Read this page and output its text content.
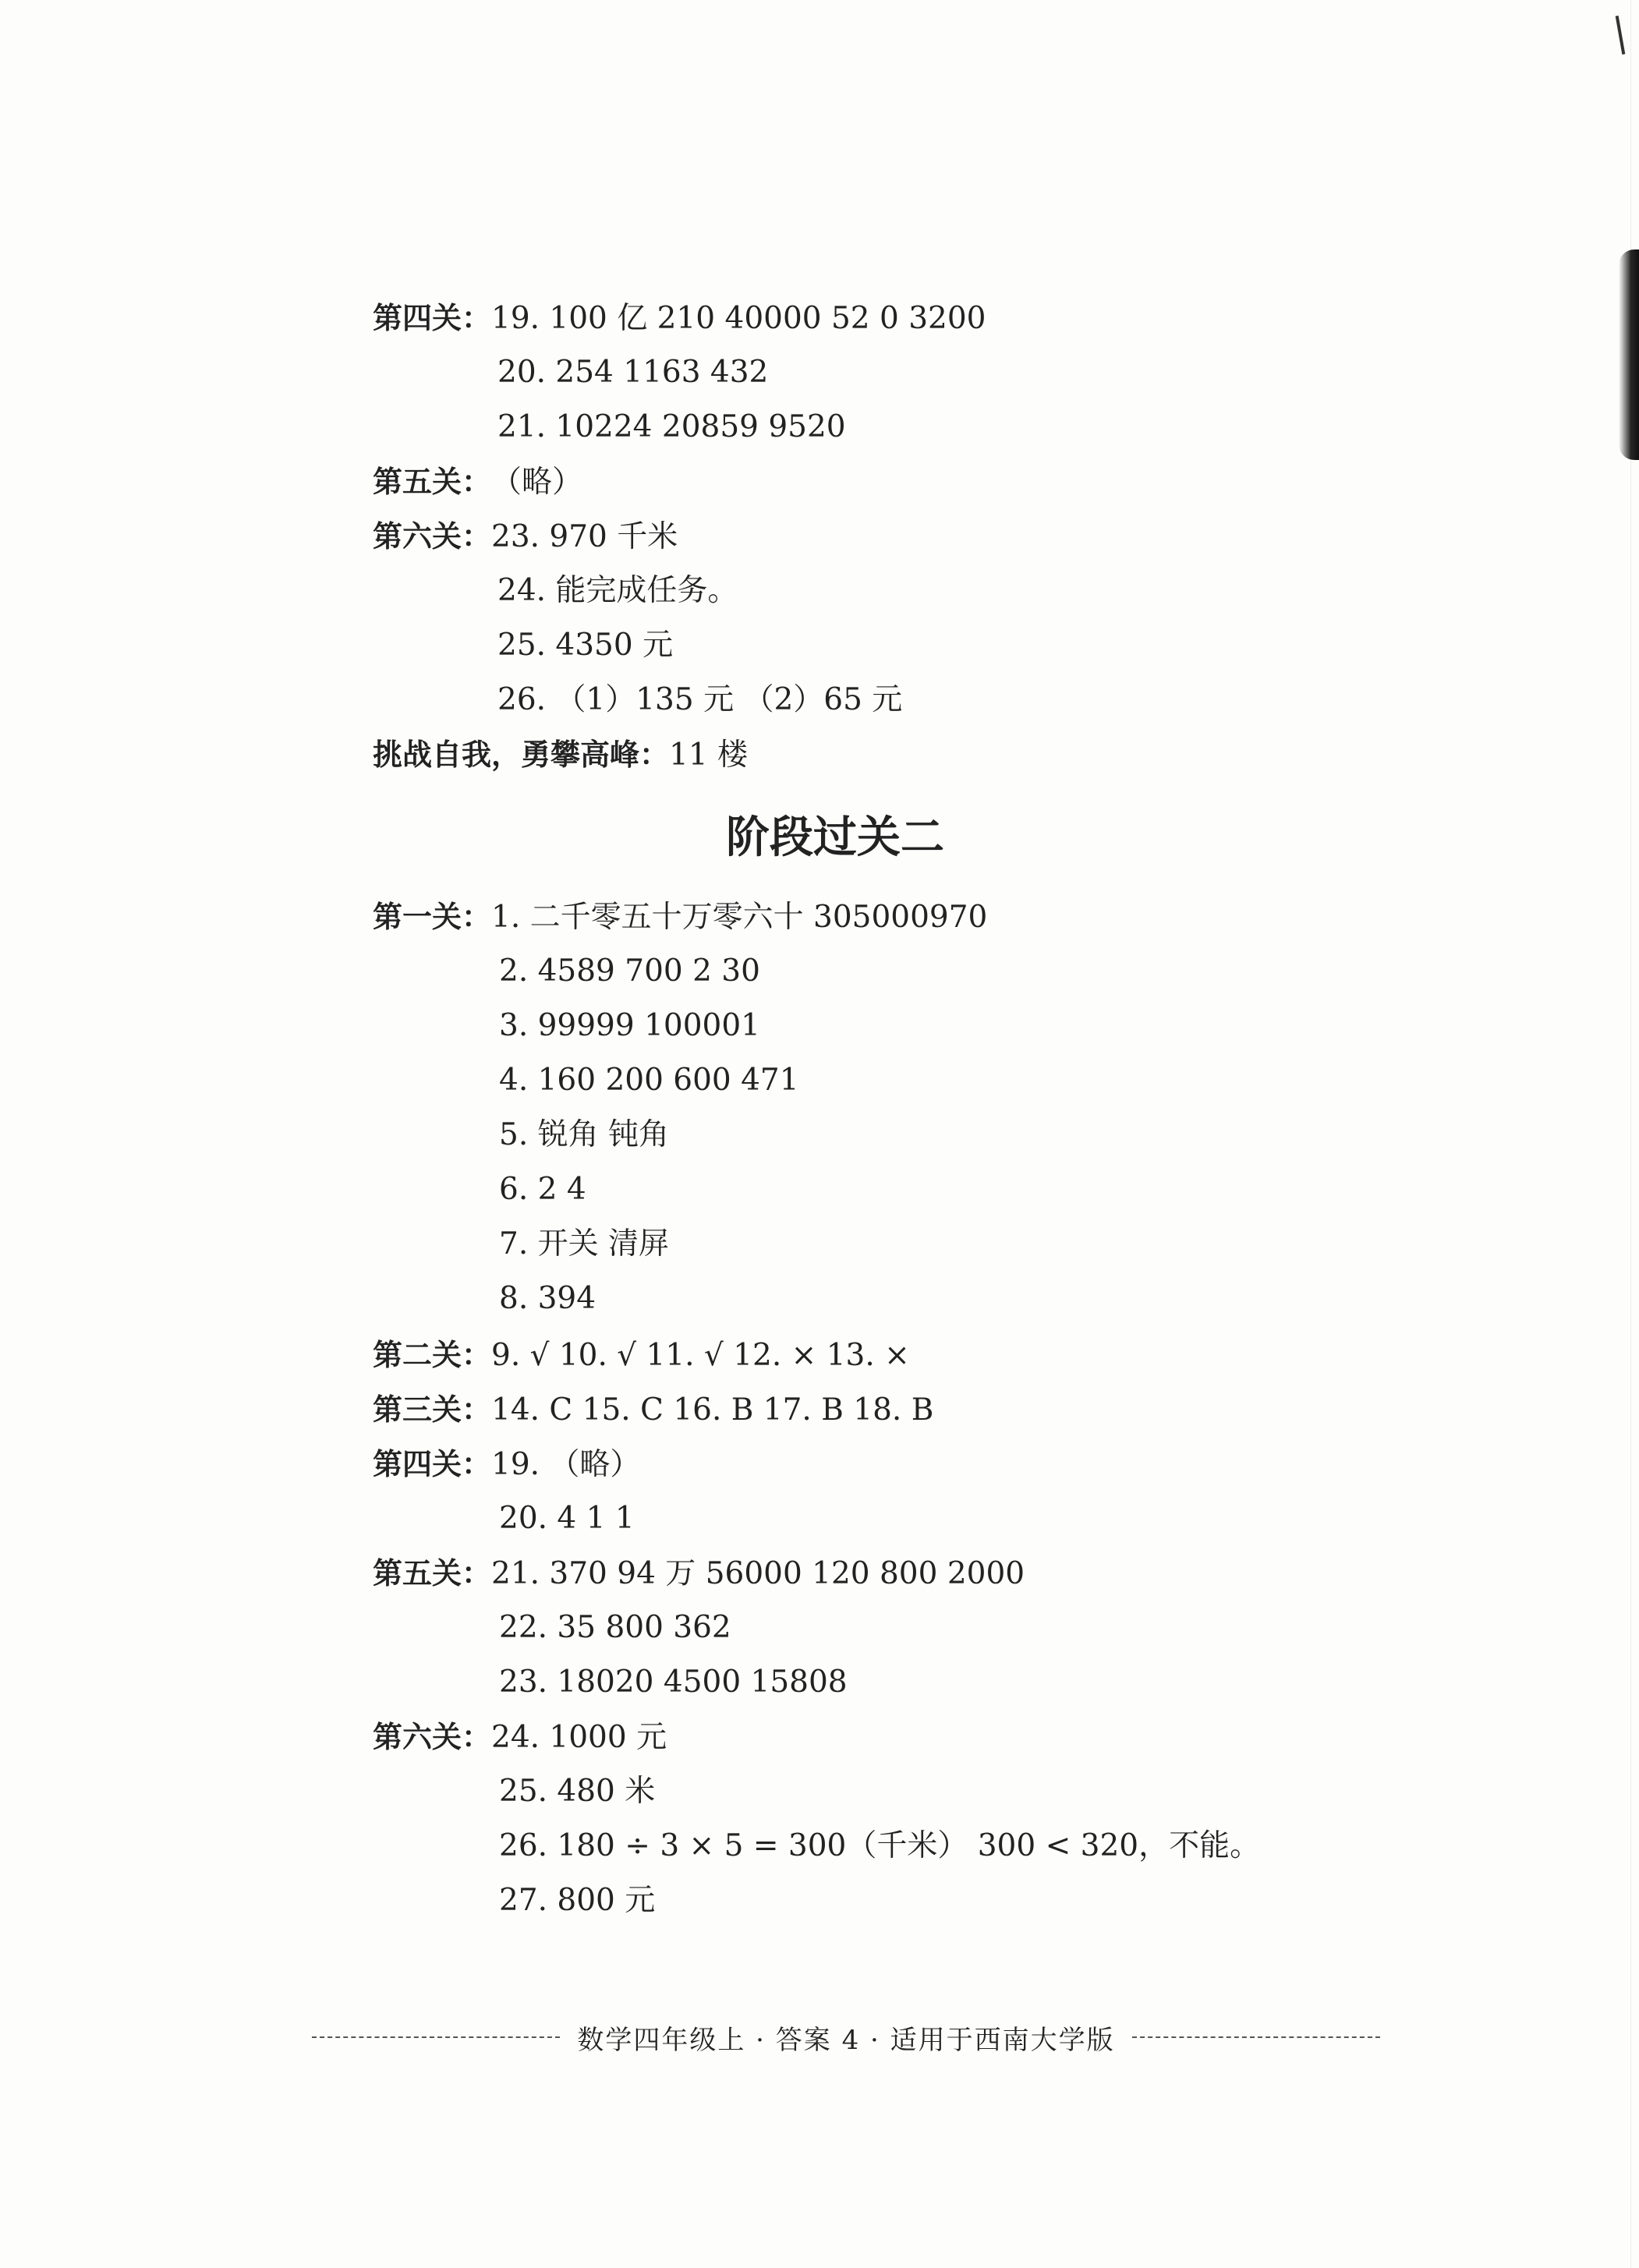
第四关：19. 100 亿 210 40000 52 0 3200
20. 254 1163 432
21. 10224 20859 9520
第五关：（略）
第六关：23. 970 千米
24. 能完成任务。
25. 4350 元
26. （1）135 元 （2）65 元
挑战自我，勇攀高峰：11 楼
阶段过关二
第一关：1. 二千零五十万零六十 305000970
2. 4589 700 2 30
3. 99999 100001
4. 160 200 600 471
5. 锐角 钝角
6. 2 4
7. 开关 清屏
8. 394
第二关：9. √ 10. √ 11. √ 12. × 13. ×
第三关：14. C 15. C 16. B 17. B 18. B
第四关：19. （略）
20. 4 1 1
第五关：21. 370 94 万 56000 120 800 2000
22. 35 800 362
23. 18020 4500 15808
第六关：24. 1000 元
25. 480 米
26. 180 ÷ 3 × 5 = 300（千米） 300 < 320，不能。
27. 800 元
数学四年级上 · 答案 4 · 适用于西南大学版
